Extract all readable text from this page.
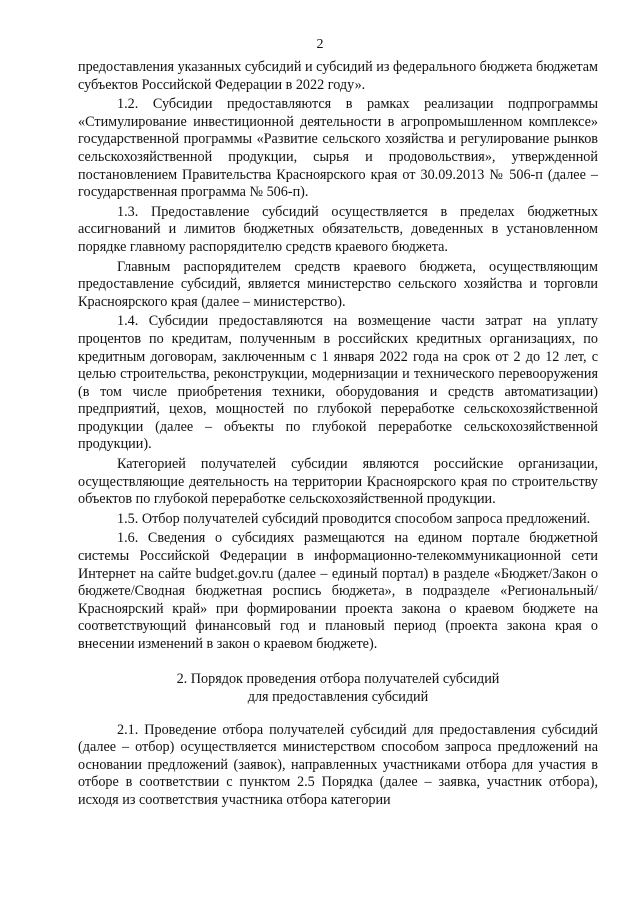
2

предоставления указанных субсидий и субсидий из федерального бюджета бюджетам субъектов Российской Федерации в 2022 году».

1.2. Субсидии предоставляются в рамках реализации подпрограммы «Стимулирование инвестиционной деятельности в агропромышленном комплексе» государственной программы «Развитие сельского хозяйства и регулирование рынков сельскохозяйственной продукции, сырья и продовольствия», утвержденной постановлением Правительства Красноярского края от 30.09.2013 № 506-п (далее – государственная программа № 506-п).

1.3. Предоставление субсидий осуществляется в пределах бюджетных ассигнований и лимитов бюджетных обязательств, доведенных в установленном порядке главному распорядителю средств краевого бюджета.

Главным распорядителем средств краевого бюджета, осуществляющим предоставление субсидий, является министерство сельского хозяйства и торговли Красноярского края (далее – министерство).

1.4. Субсидии предоставляются на возмещение части затрат на уплату процентов по кредитам, полученным в российских кредитных организациях, по кредитным договорам, заключенным с 1 января 2022 года на срок от 2 до 12 лет, с целью строительства, реконструкции, модернизации и технического перевооружения (в том числе приобретения техники, оборудования и средств автоматизации) предприятий, цехов, мощностей по глубокой переработке сельскохозяйственной продукции (далее – объекты по глубокой переработке сельскохозяйственной продукции).

Категорией получателей субсидии являются российские организации, осуществляющие деятельность на территории Красноярского края по строительству объектов по глубокой переработке сельскохозяйственной продукции.

1.5. Отбор получателей субсидий проводится способом запроса предложений.

1.6. Сведения о субсидиях размещаются на едином портале бюджетной системы Российской Федерации в информационно-телекоммуникационной сети Интернет на сайте budget.gov.ru (далее – единый портал) в разделе «Бюджет/Закон о бюджете/Сводная бюджетная роспись бюджета», в подразделе «Региональный/Красноярский край» при формировании проекта закона о краевом бюджете на соответствующий финансовый год и плановый период (проекта закона края о внесении изменений в закон о краевом бюджете).

2. Порядок проведения отбора получателей субсидий
для предоставления субсидий

2.1. Проведение отбора получателей субсидий для предоставления субсидий (далее – отбор) осуществляется министерством способом запроса предложений на основании предложений (заявок), направленных участниками отбора для участия в отборе в соответствии с пунктом 2.5 Порядка (далее – заявка, участник отбора), исходя из соответствия участника отбора категории
